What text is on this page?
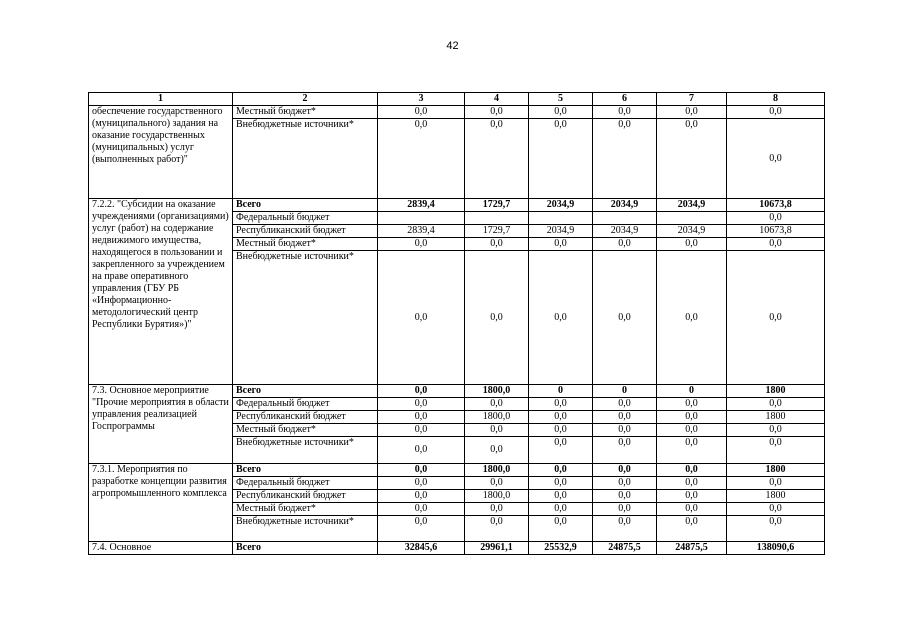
42
1	2	3	4	5	6	7	8
обеспечение государственного (муниципального) задания на оказание государственных (муниципальных) услуг (выполненных работ)"	Местный бюджет*	0,0	0,0	0,0	0,0	0,0	0,0
	Внебюджетные источники*	0,0	0,0	0,0	0,0	0,0	0,0
7.2.2. "Субсидии на оказание учреждениями (организациями) услуг (работ) на содержание недвижимого имущества, находящегося в пользовании и закрепленного за учреждением на праве оперативного управления (ГБУ РБ «Информационно-методологический центр Республики Бурятия»)"	Всего	2839,4	1729,7	2034,9	2034,9	2034,9	10673,8
	Федеральный бюджет						0,0
	Республиканский бюджет	2839,4	1729,7	2034,9	2034,9	2034,9	10673,8
	Местный бюджет*	0,0	0,0	0,0	0,0	0,0	0,0
	Внебюджетные источники*	0,0	0,0	0,0	0,0	0,0	0,0
7.3. Основное мероприятие "Прочие мероприятия в области управления реализацией Госпрограммы	Всего	0,0	1800,0	0	0	0	1800
	Федеральный бюджет	0,0	0,0	0,0	0,0	0,0	0,0
	Республиканский бюджет	0,0	1800,0	0,0	0,0	0,0	1800
	Местный бюджет*	0,0	0,0	0,0	0,0	0,0	0,0
	Внебюджетные источники*	0,0	0,0	0,0	0,0	0,0	0,0
7.3.1. Мероприятия по разработке концепции развития агропромышленного комплекса	Всего	0,0	1800,0	0,0	0,0	0,0	1800
	Федеральный бюджет	0,0	0,0	0,0	0,0	0,0	0,0
	Республиканский бюджет	0,0	1800,0	0,0	0,0	0,0	1800
	Местный бюджет*	0,0	0,0	0,0	0,0	0,0	0,0
	Внебюджетные источники*	0,0	0,0	0,0	0,0	0,0	0,0
7.4. Основное	Всего	32845,6	29961,1	25532,9	24875,5	24875,5	138090,6
